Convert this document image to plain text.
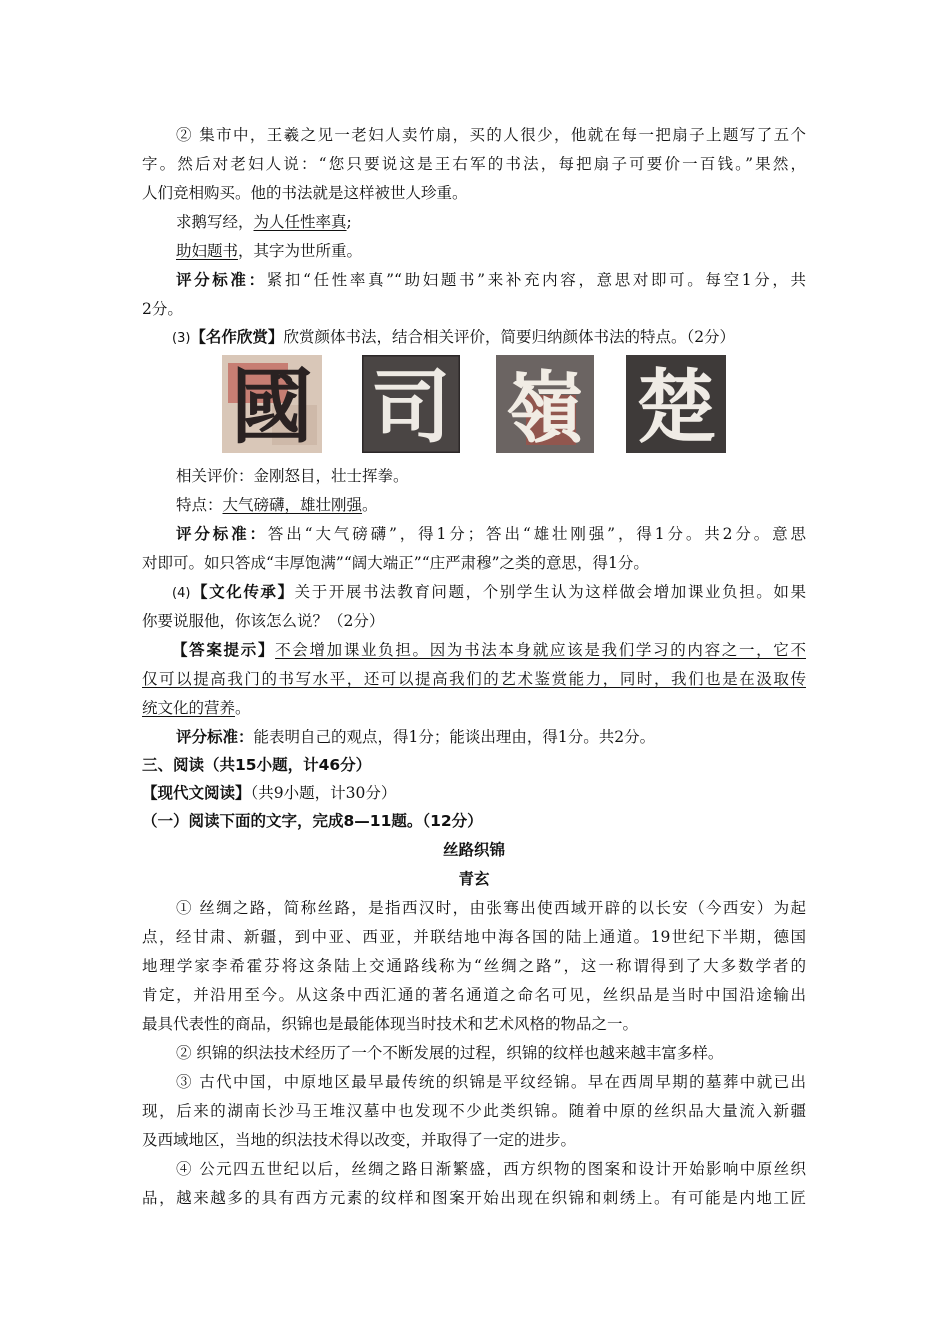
② 集市中，王羲之见一老妇人卖竹扇，买的人很少，他就在每一把扇子上题写了五个
字。然后对老妇人说：“您只要说这是王右军的书法，每把扇子可要价一百钱。”果然，
人们竞相购买。他的书法就是这样被世人珍重。
求鹅写经，为人任性率真;
助妇题书，其字为世所重。
评分标准：紧扣“任性率真”“助妇题书”来补充内容，意思对即可。每空1分，共
2分。
(3)【名作欣赏】欣赏颜体书法，结合相关评价，简要归纳颜体书法的特点。（2分）
國 司 嶺 楚
相关评价：金刚怒目，壮士挥拳。
特点：大气磅礴，雄壮刚强。
评分标准：答出“大气磅礴”，得1分；答出“雄壮刚强”，得1分。共2分。意思
对即可。如只答成“丰厚饱满”“阔大端正”“庄严肃穆”之类的意思，得1分。
(4)【文化传承】关于开展书法教育问题，个别学生认为这样做会增加课业负担。如果
你要说服他，你该怎么说？（2分）
【答案提示】不会增加课业负担。因为书法本身就应该是我们学习的内容之一，它不
仅可以提高我门的书写水平，还可以提高我们的艺术鉴赏能力，同时，我们也是在汲取传
统文化的营养。
评分标准：能表明自己的观点，得1分；能谈出理由，得1分。共2分。
三、阅读（共15小题，计46分）
【现代文阅读】（共9小题，计30分）
（一）阅读下面的文字，完成8—11题。（12分）
丝路织锦
青玄
① 丝绸之路，简称丝路，是指西汉时，由张骞出使西域开辟的以长安（今西安）为起
点，经甘肃、新疆，到中亚、西亚，并联结地中海各国的陆上通道。19世纪下半期，德国
地理学家李希霍芬将这条陆上交通路线称为“丝绸之路”，这一称谓得到了大多数学者的
肯定，并沿用至今。从这条中西汇通的著名通道之命名可见，丝织品是当时中国沿途输出
最具代表性的商品，织锦也是最能体现当时技术和艺术风格的物品之一。
② 织锦的织法技术经历了一个不断发展的过程，织锦的纹样也越来越丰富多样。
③ 古代中国，中原地区最早最传统的织锦是平纹经锦。早在西周早期的墓葬中就已出
现，后来的湖南长沙马王堆汉墓中也发现不少此类织锦。随着中原的丝织品大量流入新疆
及西域地区，当地的织法技术得以改变，并取得了一定的进步。
④ 公元四五世纪以后，丝绸之路日渐繁盛，西方织物的图案和设计开始影响中原丝织
品，越来越多的具有西方元素的纹样和图案开始出现在织锦和刺绣上。有可能是内地工匠
